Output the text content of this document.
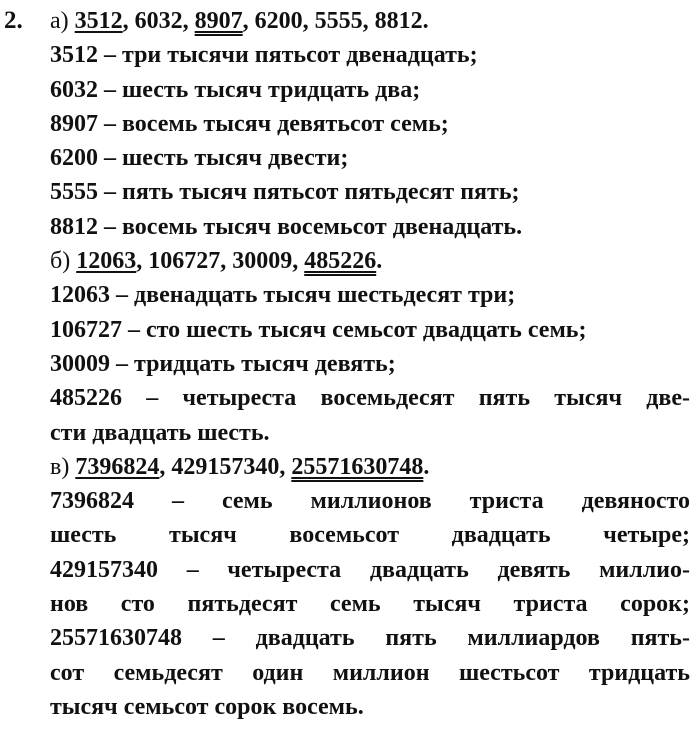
2. а) 3512, 6032, 8907, 6200, 5555, 8812.
3512 – три тысячи пятьсот двенадцать;
6032 – шесть тысяч тридцать два;
8907 – восемь тысяч девятьсот семь;
6200 – шесть тысяч двести;
5555 – пять тысяч пятьсот пятьдесят пять;
8812 – восемь тысяч восемьсот двенадцать.
б) 12063, 106727, 30009, 485226.
12063 – двенадцать тысяч шестьдесят три;
106727 – сто шесть тысяч семьсот двадцать семь;
30009 – тридцать тысяч девять;
485226 – четыреста восемьдесят пять тысяч две-
сти двадцать шесть.
в) 7396824, 429157340, 25571630748.
7396824 – семь миллионов триста девяносто
шесть тысяч восемьсот двадцать четыре;
429157340 – четыреста двадцать девять миллио-
нов сто пятьдесят семь тысяч триста сорок;
25571630748 – двадцать пять миллиардов пять-
сот семьдесят один миллион шестьсот тридцать
тысяч семьсот сорок восемь.
